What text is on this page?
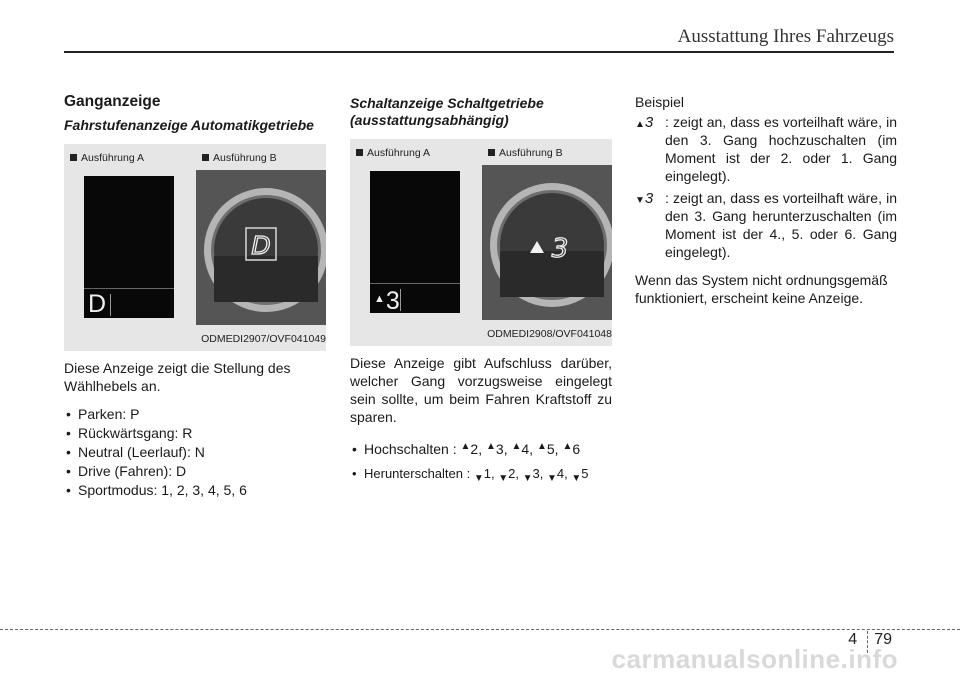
Ausstattung Ihres Fahrzeugs
Ganganzeige
Fahrstufenanzeige Automatikgetriebe
Ausführung A
D
Ausführung B
D
ODMEDI2907/OVF041049

Diese Anzeige zeigt die Stellung des Wählhebels an.

• Parken: P
• Rückwärtsgang: R
• Neutral (Leerlauf): N
• Drive (Fahren): D
• Sportmodus: 1, 2, 3, 4, 5, 6
Schaltanzeige Schaltgetriebe (ausstattungsabhängig)
Ausführung A
▲3
Ausführung B
3
ODMEDI2908/OVF041048

Diese Anzeige gibt Aufschluss darüber, welcher Gang vorzugsweise eingelegt sein sollte, um beim Fahren Kraftstoff zu sparen.

• Hochschalten : ▲2, ▲3, ▲4, ▲5, ▲6
• Herunterschalten : $_▼$1, $_▼$2, $_▼$3, $_▼$4, $_▼$5

Beispiel

▲3 : zeigt an, dass es vorteilhaft wäre, in den 3. Gang hochzuschalten (im Moment ist der 2. oder 1. Gang eingelegt).
▼3 : zeigt an, dass es vorteilhaft wäre, in den 3. Gang herunterzuschalten (im Moment ist der 4., 5. oder 6. Gang eingelegt).

Wenn das System nicht ordnungsgemäß funktioniert, erscheint keine Anzeige.

4 79
carmanualsonline.info
